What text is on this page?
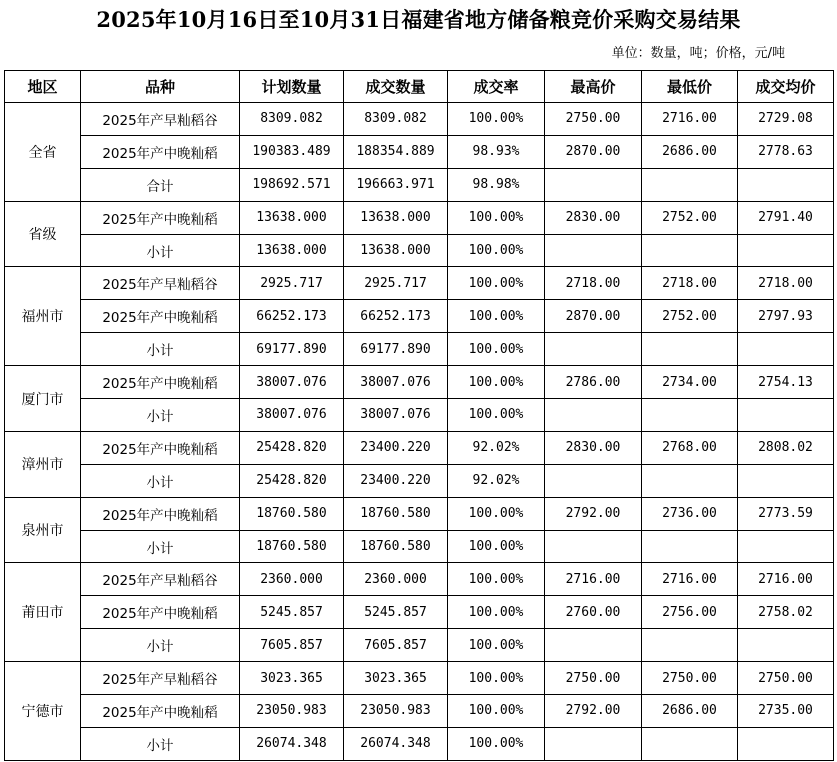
2025年10月16日至10月31日福建省地方储备粮竞价采购交易结果
单位：数量，吨；价格，元/吨
地区	品种	计划数量	成交数量	成交率	最高价	最低价	成交均价
全省	2025年产早籼稻谷	8309.082	8309.082	100.00%	2750.00	2716.00	2729.08
	2025年产中晚籼稻	190383.489	188354.889	98.93%	2870.00	2686.00	2778.63
	合计	198692.571	196663.971	98.98%			
省级	2025年产中晚籼稻	13638.000	13638.000	100.00%	2830.00	2752.00	2791.40
	小计	13638.000	13638.000	100.00%			
福州市	2025年产早籼稻谷	2925.717	2925.717	100.00%	2718.00	2718.00	2718.00
	2025年产中晚籼稻	66252.173	66252.173	100.00%	2870.00	2752.00	2797.93
	小计	69177.890	69177.890	100.00%			
厦门市	2025年产中晚籼稻	38007.076	38007.076	100.00%	2786.00	2734.00	2754.13
	小计	38007.076	38007.076	100.00%			
漳州市	2025年产中晚籼稻	25428.820	23400.220	92.02%	2830.00	2768.00	2808.02
	小计	25428.820	23400.220	92.02%			
泉州市	2025年产中晚籼稻	18760.580	18760.580	100.00%	2792.00	2736.00	2773.59
	小计	18760.580	18760.580	100.00%			
莆田市	2025年产早籼稻谷	2360.000	2360.000	100.00%	2716.00	2716.00	2716.00
	2025年产中晚籼稻	5245.857	5245.857	100.00%	2760.00	2756.00	2758.02
	小计	7605.857	7605.857	100.00%			
宁德市	2025年产早籼稻谷	3023.365	3023.365	100.00%	2750.00	2750.00	2750.00
	2025年产中晚籼稻	23050.983	23050.983	100.00%	2792.00	2686.00	2735.00
	小计	26074.348	26074.348	100.00%			
